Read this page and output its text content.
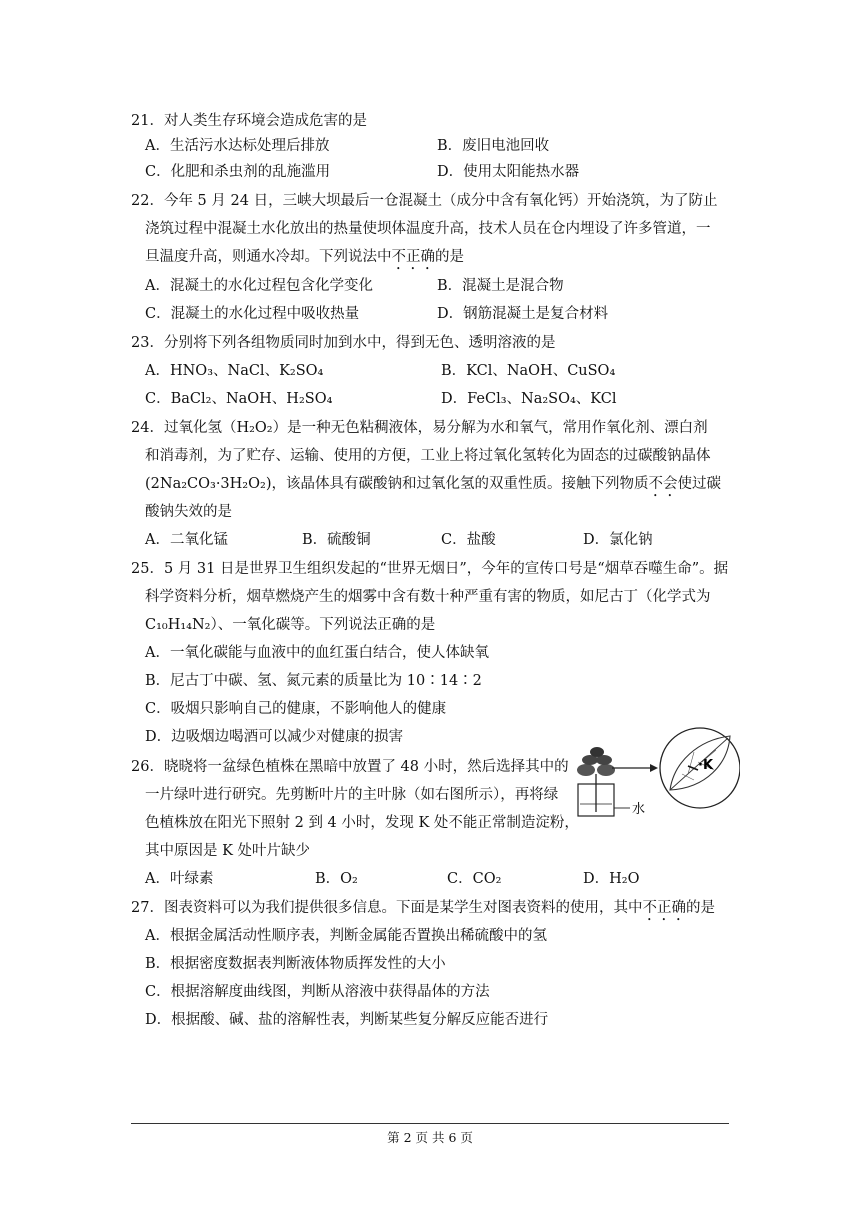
21．对人类生存环境会造成危害的是
A．生活污水达标处理后排放	B．废旧电池回收
C．化肥和杀虫剂的乱施滥用	D．使用太阳能热水器
22．今年 5 月 24 日，三峡大坝最后一仓混凝土（成分中含有氧化钙）开始浇筑，为了防止
浇筑过程中混凝土水化放出的热量使坝体温度升高，技术人员在仓内埋设了许多管道，一
旦温度升高，则通水冷却。下列说法中不正确的是
A．混凝土的水化过程包含化学变化	B．混凝土是混合物
C．混凝土的水化过程中吸收热量	D．钢筋混凝土是复合材料
23．分别将下列各组物质同时加到水中，得到无色、透明溶液的是
A．HNO₃、NaCl、K₂SO₄	B．KCl、NaOH、CuSO₄
C．BaCl₂、NaOH、H₂SO₄	D．FeCl₃、Na₂SO₄、KCl
24．过氧化氢（H₂O₂）是一种无色粘稠液体，易分解为水和氧气，常用作氧化剂、漂白剂
和消毒剂，为了贮存、运输、使用的方便，工业上将过氧化氢转化为固态的过碳酸钠晶体
(2Na₂CO₃·3H₂O₂)，该晶体具有碳酸钠和过氧化氢的双重性质。接触下列物质不会使过碳
酸钠失效的是
A．二氧化锰	B．硫酸铜	C．盐酸	D．氯化钠
25．5 月 31 日是世界卫生组织发起的“世界无烟日”，今年的宣传口号是“烟草吞噬生命”。据
科学资料分析，烟草燃烧产生的烟雾中含有数十种严重有害的物质，如尼古丁（化学式为
C₁₀H₁₄N₂）、一氧化碳等。下列说法正确的是
A．一氧化碳能与血液中的血红蛋白结合，使人体缺氧
B．尼古丁中碳、氢、氮元素的质量比为 10∶14∶2
C．吸烟只影响自己的健康，不影响他人的健康
D．边吸烟边喝酒可以减少对健康的损害
26．晓晓将一盆绿色植株在黑暗中放置了 48 小时，然后选择其中的
一片绿叶进行研究。先剪断叶片的主叶脉（如右图所示），再将绿
色植株放在阳光下照射 2 到 4 小时，发现 K 处不能正常制造淀粉，
其中原因是 K 处叶片缺少
A．叶绿素	B．O₂	C．CO₂	D．H₂O
水
·K
27．图表资料可以为我们提供很多信息。下面是某学生对图表资料的使用，其中不正确的是
A．根据金属活动性顺序表，判断金属能否置换出稀硫酸中的氢
B．根据密度数据表判断液体物质挥发性的大小
C．根据溶解度曲线图，判断从溶液中获得晶体的方法
D．根据酸、碱、盐的溶解性表，判断某些复分解反应能否进行
第 2 页 共 6 页
